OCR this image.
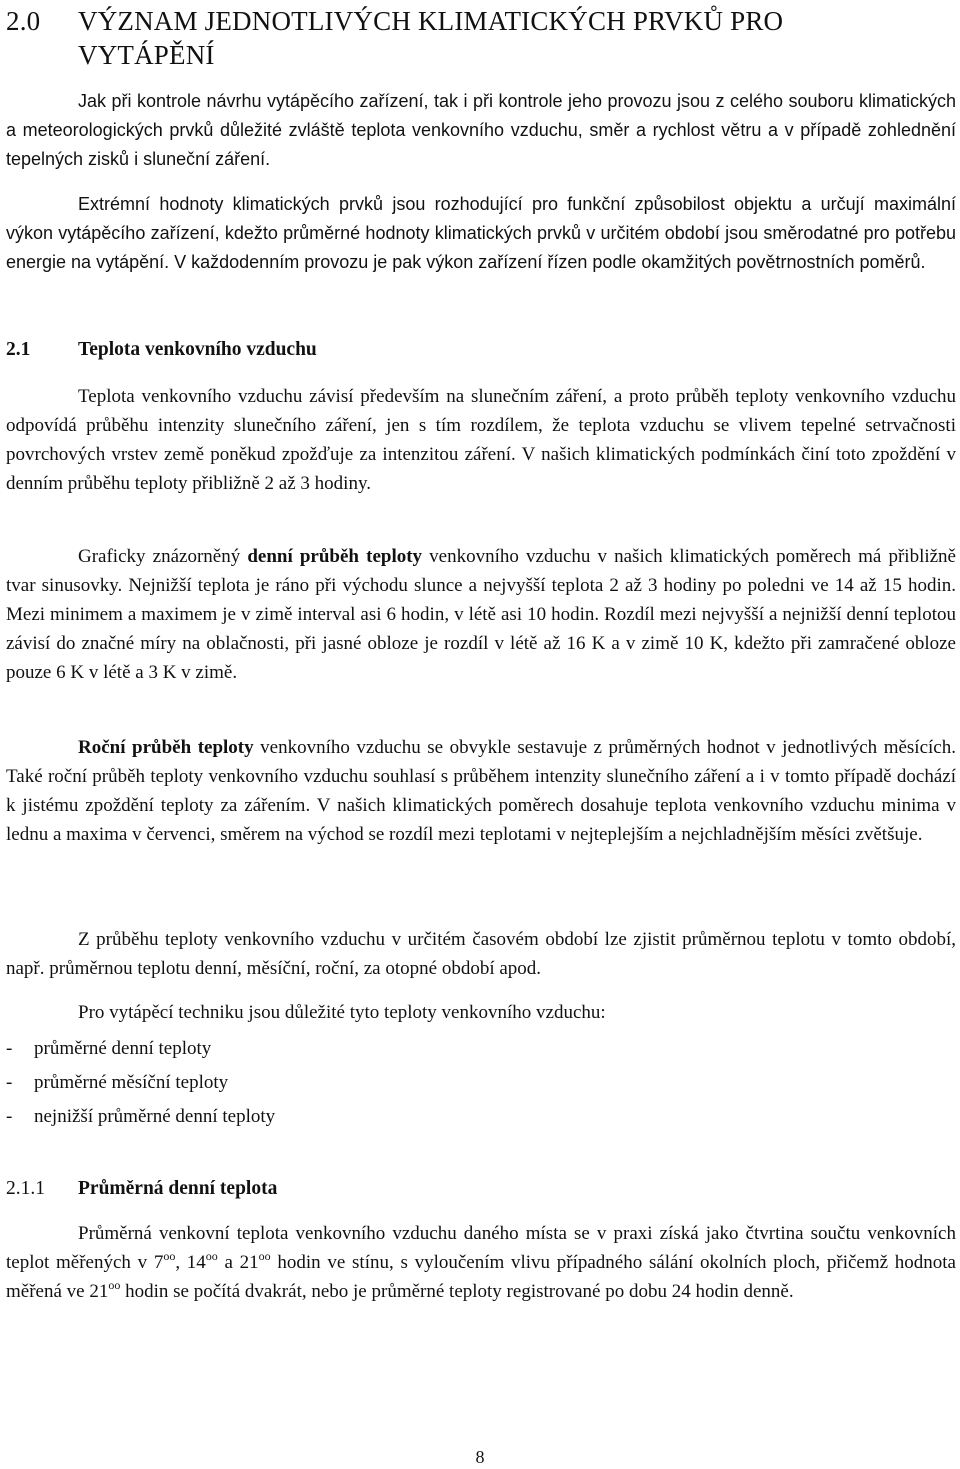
2.0 VÝZNAM JEDNOTLIVÝCH KLIMATICKÝCH PRVKŮ PRO
VYTÁPĚNÍ
Jak při kontrole návrhu vytápěcího zařízení, tak i při kontrole jeho provozu jsou z celého souboru klimatických a meteorologických prvků důležité zvláště teplota venkovního vzduchu, směr a rychlost větru a v případě zohlednění tepelných zisků i sluneční záření.
Extrémní hodnoty klimatických prvků jsou rozhodující pro funkční způsobilost objektu a určují maximální výkon vytápěcího zařízení, kdežto průměrné hodnoty klimatických prvků v určitém období jsou směrodatné pro potřebu energie na vytápění. V každodenním provozu je pak výkon zařízení řízen podle okamžitých povětrnostních poměrů.
2.1 Teplota venkovního vzduchu
Teplota venkovního vzduchu závisí především na slunečním záření, a proto průběh teploty venkovního vzduchu odpovídá průběhu intenzity slunečního záření, jen s tím rozdílem, že teplota vzduchu se vlivem tepelné setrvačnosti povrchových vrstev země poněkud zpožďuje za intenzitou záření. V našich klimatických podmínkách činí toto zpoždění v denním průběhu teploty přibližně 2 až 3 hodiny.
Graficky znázorněný denní průběh teploty venkovního vzduchu v našich klimatických poměrech má přibližně tvar sinusovky. Nejnižší teplota je ráno při východu slunce a nejvyšší teplota 2 až 3 hodiny po poledni ve 14 až 15 hodin. Mezi minimem a maximem je v zimě interval asi 6 hodin, v létě asi 10 hodin. Rozdíl mezi nejvyšší a nejnižší denní teplotou závisí do značné míry na oblačnosti, při jasné obloze je rozdíl v létě až 16 K a v zimě 10 K, kdežto při zamračené obloze pouze 6 K v létě a 3 K v zimě.
Roční průběh teploty venkovního vzduchu se obvykle sestavuje z průměrných hodnot v jednotlivých měsících. Také roční průběh teploty venkovního vzduchu souhlasí s průběhem intenzity slunečního záření a i v tomto případě dochází k jistému zpoždění teploty za zářením. V našich klimatických poměrech dosahuje teplota venkovního vzduchu minima v lednu a maxima v červenci, směrem na východ se rozdíl mezi teplotami v nejteplejším a nejchladnějším měsíci zvětšuje.
Z průběhu teploty venkovního vzduchu v určitém časovém období lze zjistit průměrnou teplotu v tomto období, např. průměrnou teplotu denní, měsíční, roční, za otopné období apod.
Pro vytápěcí techniku jsou důležité tyto teploty venkovního vzduchu:
- průměrné denní teploty
- průměrné měsíční teploty
- nejnižší průměrné denní teploty
2.1.1 Průměrná denní teplota
Průměrná venkovní teplota venkovního vzduchu daného místa se v praxi získá jako čtvrtina součtu venkovních teplot měřených v $7^{oo}$, $14^{oo}$ a $21^{oo}$ hodin ve stínu, s vyloučením vlivu případného sálání okolních ploch, přičemž hodnota měřená ve $21^{oo}$ hodin se počítá dvakrát, nebo je průměrné teploty registrované po dobu 24 hodin denně.
8
